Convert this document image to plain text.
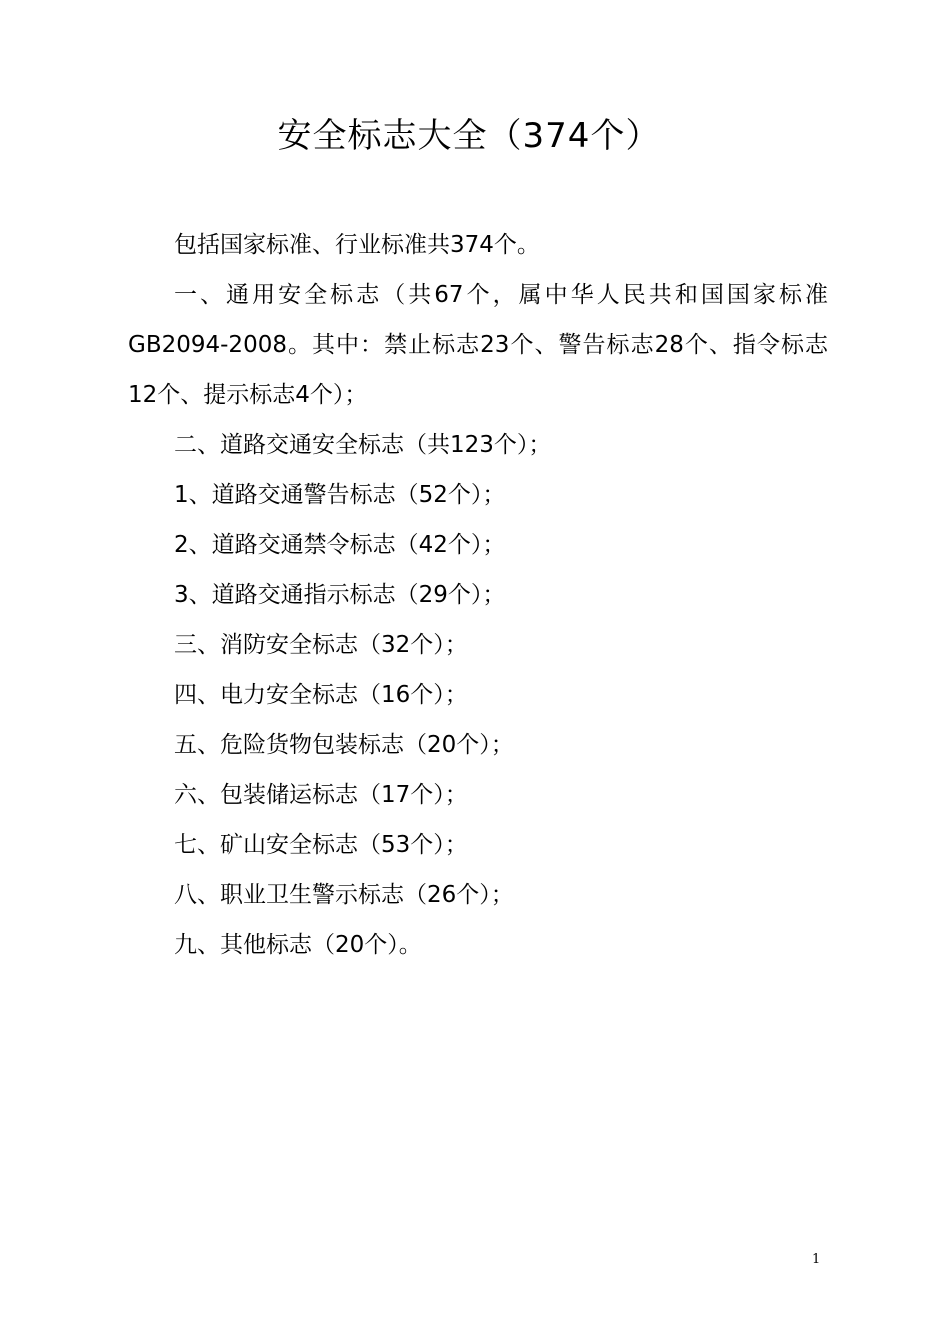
安全标志大全（374个）

包括国家标准、行业标准共374个。

一、通用安全标志（共67个，属中华人民共和国国家标准GB2094-2008。其中：禁止标志23个、警告标志28个、指令标志12个、提示标志4个）；

二、道路交通安全标志（共123个）；

1、道路交通警告标志（52个）；

2、道路交通禁令标志（42个）；

3、道路交通指示标志（29个）；

三、消防安全标志（32个）；

四、电力安全标志（16个）；

五、危险货物包装标志（20个）；

六、包装储运标志（17个）；

七、矿山安全标志（53个）；

八、职业卫生警示标志（26个）；

九、其他标志（20个）。

1
